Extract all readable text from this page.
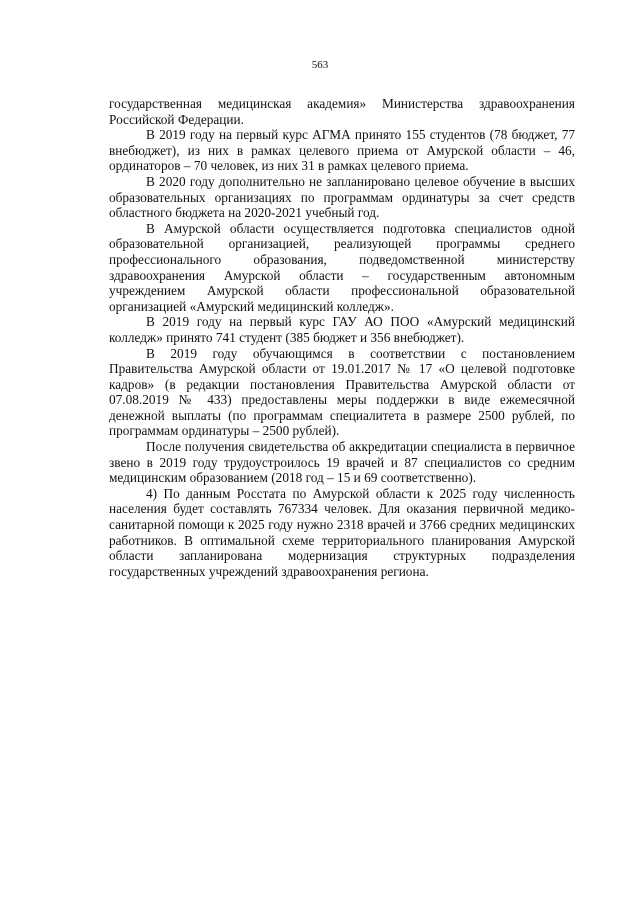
563

государственная медицинская академия» Министерства здравоохранения Российской Федерации.

В 2019 году на первый курс АГМА принято 155 студентов (78 бюджет, 77 внебюджет), из них в рамках целевого приема от Амурской области – 46, ординаторов – 70 человек, из них 31 в рамках целевого приема.

В 2020 году дополнительно не запланировано целевое обучение в высших образовательных организациях по программам ординатуры за счет средств областного бюджета на 2020-2021 учебный год.

В Амурской области осуществляется подготовка специалистов одной образовательной организацией, реализующей программы среднего профессионального образования, подведомственной министерству здравоохранения Амурской области – государственным автономным учреждением Амурской области профессиональной образовательной организацией «Амурский медицинский колледж».

В 2019 году на первый курс ГАУ АО ПОО «Амурский медицинский колледж» принято 741 студент (385 бюджет и 356 внебюджет).

В 2019 году обучающимся в соответствии с постановлением Правительства Амурской области от 19.01.2017 № 17 «О целевой подготовке кадров» (в редакции постановления Правительства Амурской области от 07.08.2019 № 433) предоставлены меры поддержки в виде ежемесячной денежной выплаты (по программам специалитета в размере 2500 рублей, по программам ординатуры – 2500 рублей).

После получения свидетельства об аккредитации специалиста в первичное звено в 2019 году трудоустроилось 19 врачей и 87 специалистов со средним медицинским образованием (2018 год – 15 и 69 соответственно).

4) По данным Росстата по Амурской области к 2025 году численность населения будет составлять 767334 человек. Для оказания первичной медико-санитарной помощи к 2025 году нужно 2318 врачей и 3766 средних медицинских работников. В оптимальной схеме территориального планирования Амурской области запланирована модернизация структурных подразделения государственных учреждений здравоохранения региона.
